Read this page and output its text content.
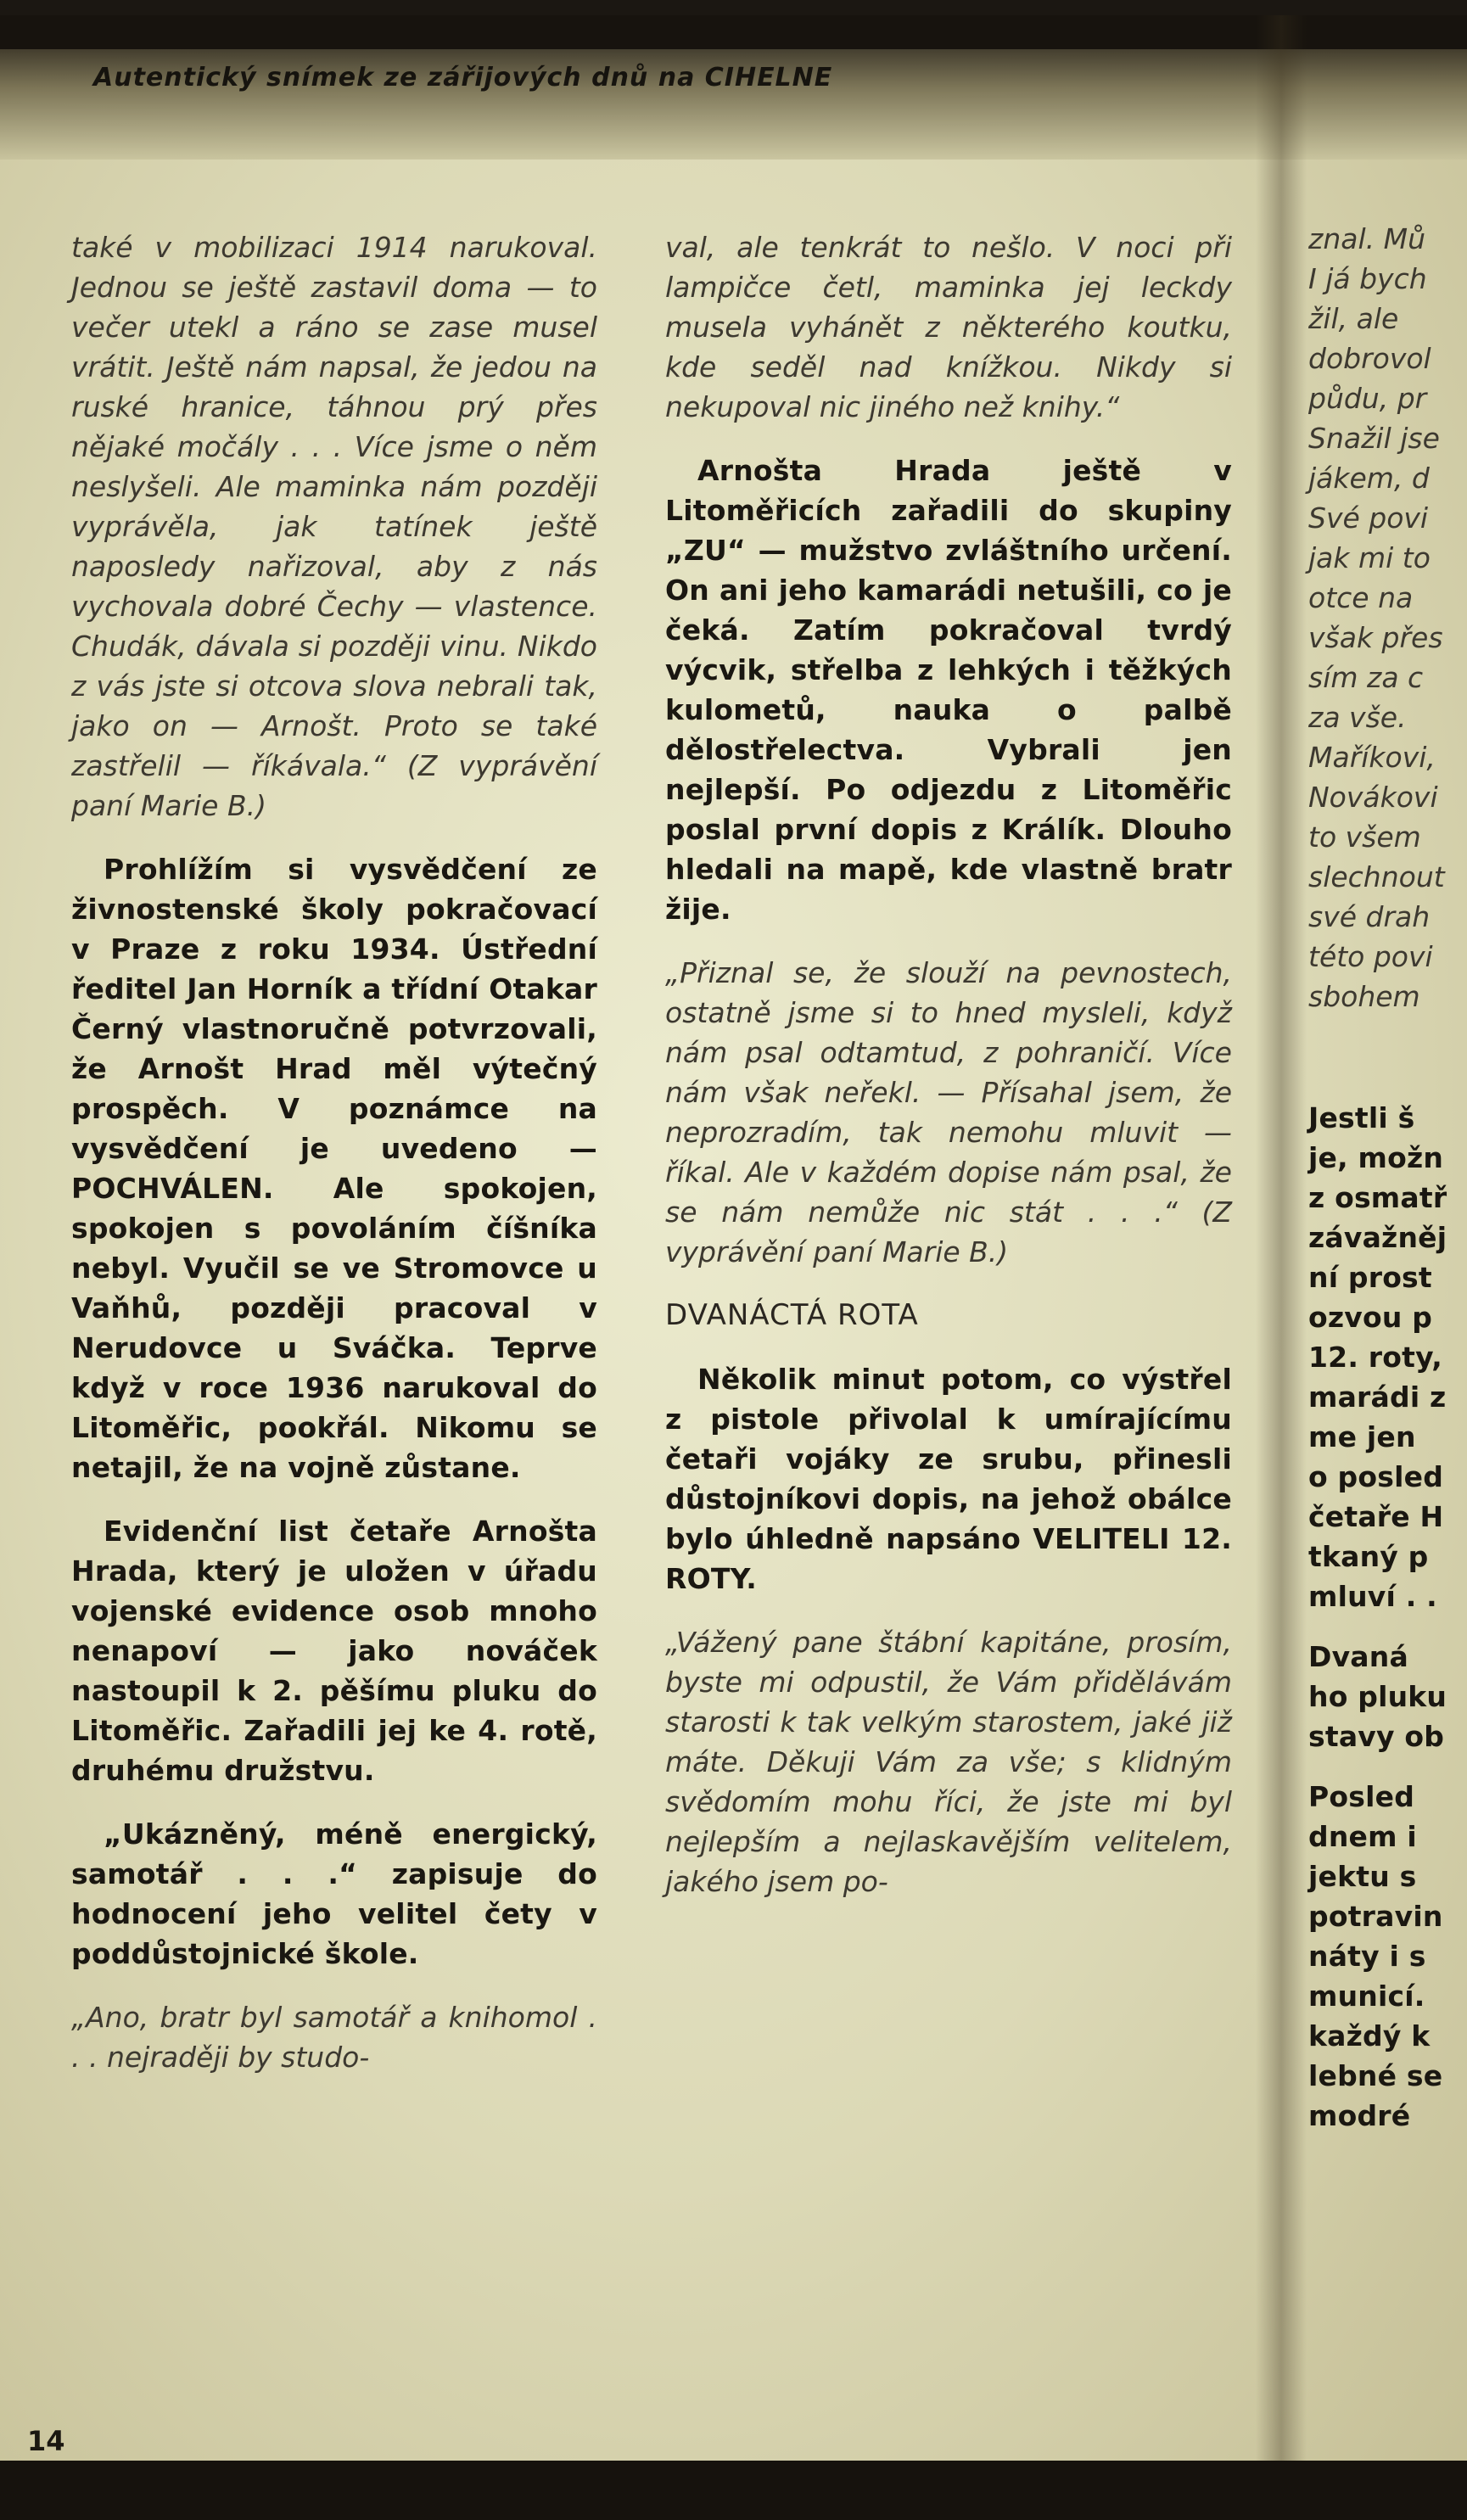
Autentický snímek ze zářijových dnů na CIHELNE

také v mobilizaci 1914 narukoval. Jednou se ještě zastavil doma — to večer utekl a ráno se zase musel vrátit. Ještě nám napsal, že jedou na ruské hranice, táhnou prý přes nějaké močály . . . Více jsme o něm neslyšeli. Ale maminka nám později vyprávěla, jak tatínek ještě naposledy nařizoval, aby z nás vychovala dobré Čechy — vlastence. Chudák, dávala si později vinu. Nikdo z vás jste si otcova slova nebrali tak, jako on — Arnošt. Proto se také zastřelil — říkávala.“ (Z vyprávění paní Marie B.)

Prohlížím si vysvědčení ze živnostenské školy pokračovací v Praze z roku 1934. Ústřední ředitel Jan Horník a třídní Otakar Černý vlastnoručně potvrzovali, že Arnošt Hrad měl výtečný prospěch. V poznámce na vysvědčení je uvedeno — POCHVÁLEN. Ale spokojen, spokojen s povoláním číšníka nebyl. Vyučil se ve Stromovce u Vaňhů, později pracoval v Nerudovce u Sváčka. Teprve když v roce 1936 narukoval do Litoměřic, pookřál. Nikomu se netajil, že na vojně zůstane.

Evidenční list četaře Arnošta Hrada, který je uložen v úřadu vojenské evidence osob mnoho nenapoví — jako nováček nastoupil k 2. pěšímu pluku do Litoměřic. Zařadili jej ke 4. rotě, druhému družstvu.

„Ukázněný, méně energický, samotář . . .“ zapisuje do hodnocení jeho velitel čety v poddůstojnické škole.

„Ano, bratr byl samotář a knihomol . . . nejraději by studo-

val, ale tenkrát to nešlo. V noci při lampičce četl, maminka jej leckdy musela vyhánět z některého koutku, kde seděl nad knížkou. Nikdy si nekupoval nic jiného než knihy.“

Arnošta Hrada ještě v Litoměřicích zařadili do skupiny „ZU“ — mužstvo zvláštního určení. On ani jeho kamarádi netušili, co je čeká. Zatím pokračoval tvrdý výcvik, střelba z lehkých i těžkých kulometů, nauka o palbě dělostřelectva. Vybrali jen nejlepší. Po odjezdu z Litoměřic poslal první dopis z Králík. Dlouho hledali na mapě, kde vlastně bratr žije.

„Přiznal se, že slouží na pevnostech, ostatně jsme si to hned mysleli, když nám psal odtamtud, z pohraničí. Více nám však neřekl. — Přísahal jsem, že neprozradím, tak nemohu mluvit — říkal. Ale v každém dopise nám psal, že se nám nemůže nic stát . . .“ (Z vyprávění paní Marie B.)

DVANÁCTÁ ROTA

Několik minut potom, co výstřel z pistole přivolal k umírajícímu četaři vojáky ze srubu, přinesli důstojníkovi dopis, na jehož obálce bylo úhledně napsáno VELITELI 12. ROTY.

„Vážený pane štábní kapitáne, prosím, byste mi odpustil, že Vám přidělávám starosti k tak velkým starostem, jaké již máte. Děkuji Vám za vše; s klidným svědomím mohu říci, že jste mi byl nejlepším a nejlaskavějším velitelem, jakého jsem po-

znal. Mů

I já bych

žil, ale

dobrovol

půdu, pr

Snažil jse

jákem, d

Své povi

jak mi to

otce na

však přes

sím za c

za vše.

Maříkovi,

Novákovi

to všem

slechnout

své drah

této povi

sbohem

Jestli š

je, možn

z osmatř

závažněj

ní prost

ozvou p

12. roty,

marádi z

me jen

o posled

četaře H

tkaný p

mluví . .

Dvaná

ho pluku

stavy ob

Posled

dnem i

jektu s

potravin

náty i s

municí.

každý k

lebné se

modré

14
